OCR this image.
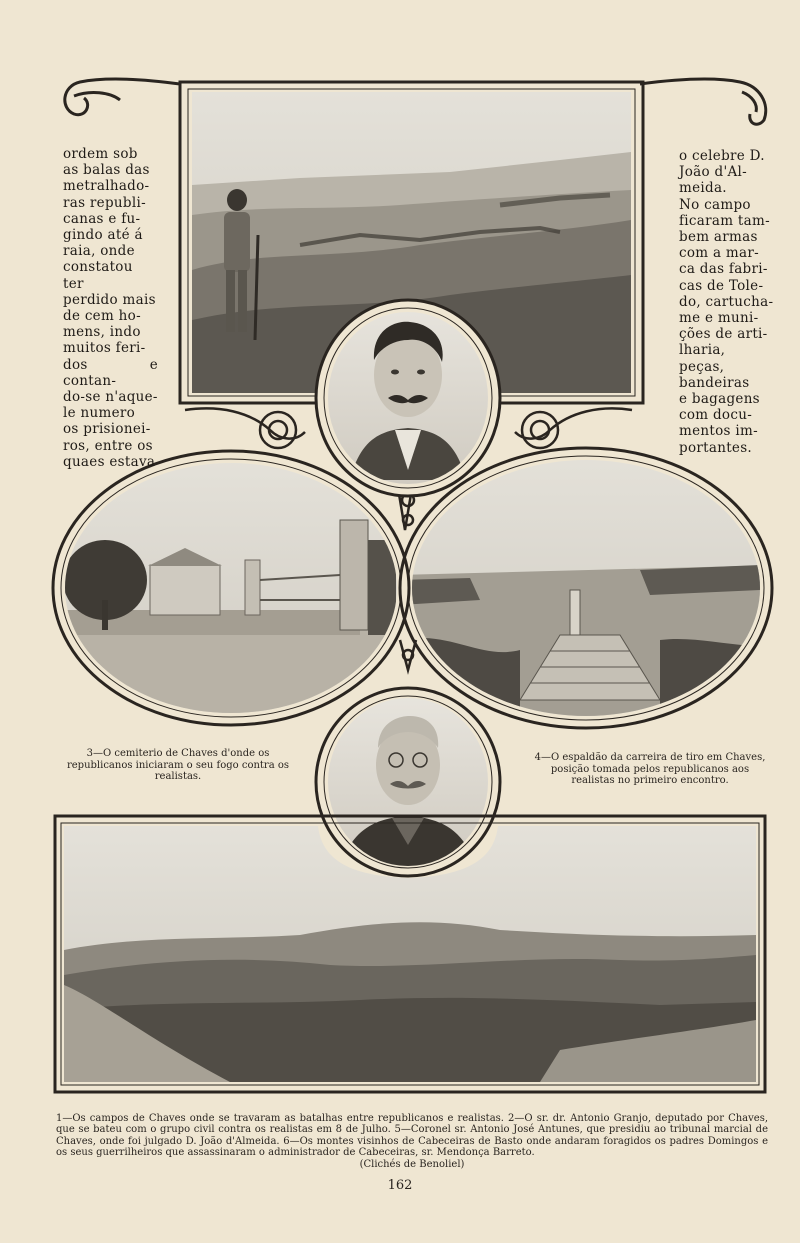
ordem sob
as balas das
metralhado-
ras republi-
canas e fu-
gindo até á
raia, onde
constatou ter
perdido mais
de cem ho-
mens, indo
muitos feri-
dos e contan-
do-se n'aque-
le numero
os prisionei-
ros, entre os
quaes estava
o celebre D.
João d'Al-
meida.
No campo
ficaram tam-
bem armas
com a mar-
ca das fabri-
cas de Tole-
do, cartucha-
me e muni-
ções de arti-
lharia, peças,
bandeiras
e bagagens
com docu-
mentos im-
portantes.
3—O cemiterio de Chaves d'onde os republicanos iniciaram o seu fogo contra os realistas.
4—O espaldão da carreira de tiro em Chaves, posição tomada pelos republicanos aos realistas no primeiro encontro.
1—Os campos de Chaves onde se travaram as batalhas entre republicanos e realistas. 2—O sr. dr. Antonio Granjo, deputado por Chaves, que se bateu com o grupo civil contra os realistas em 8 de Julho. 5—Coronel sr. Antonio José Antunes, que presidiu ao tribunal marcial de Chaves, onde foi julgado D. João d'Almeida. 6—Os montes visinhos de Cabeceiras de Basto onde andaram foragidos os padres Domingos e os seus guerrilheiros que assassinaram o administrador de Cabeceiras, sr. Mendonça Barreto.
(Clichés de Benoliel)
162
